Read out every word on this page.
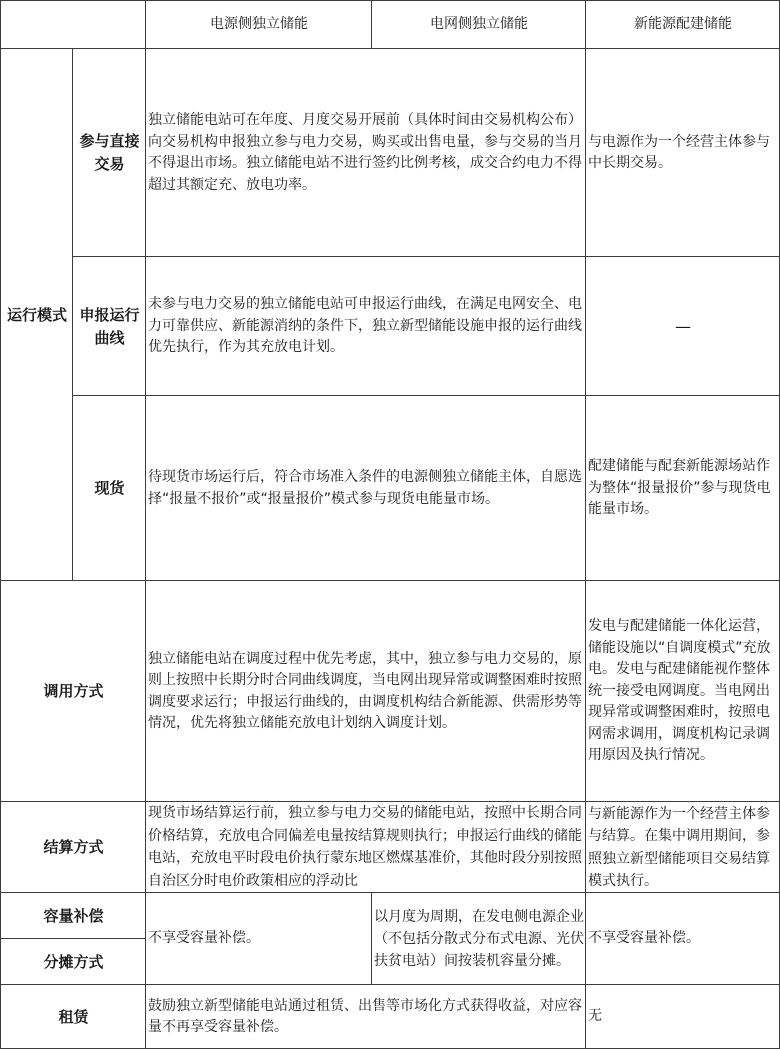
电源侧独立储能	电网侧独立储能	新能源配建储能
运行模式
参与直接交易
独立储能电站可在年度、月度交易开展前（具体时间由交易机构公布）向交易机构申报独立参与电力交易，购买或出售电量，参与交易的当月不得退出市场。独立储能电站不进行签约比例考核，成交合约电力不得超过其额定充、放电功率。
与电源作为一个经营主体参与中长期交易。
申报运行曲线
未参与电力交易的独立储能电站可申报运行曲线，在满足电网安全、电力可靠供应、新能源消纳的条件下，独立新型储能设施申报的运行曲线优先执行，作为其充放电计划。
—
现货
待现货市场运行后，符合市场准入条件的电源侧独立储能主体，自愿选择“报量不报价”或“报量报价”模式参与现货电能量市场。
配建储能与配套新能源场站作为整体“报量报价”参与现货电能量市场。
调用方式
独立储能电站在调度过程中优先考虑，其中，独立参与电力交易的，原则上按照中长期分时合同曲线调度，当电网出现异常或调整困难时按照调度要求运行；申报运行曲线的，由调度机构结合新能源、供需形势等情况，优先将独立储能充放电计划纳入调度计划。
发电与配建储能一体化运营，储能设施以“自调度模式”充放电。发电与配建储能视作整体统一接受电网调度。当电网出现异常或调整困难时，按照电网需求调用，调度机构记录调用原因及执行情况。
结算方式
现货市场结算运行前，独立参与电力交易的储能电站，按照中长期合同价格结算，充放电合同偏差电量按结算规则执行；申报运行曲线的储能电站，充放电平时段电价执行蒙东地区燃煤基准价，其他时段分别按照自治区分时电价政策相应的浮动比
与新能源作为一个经营主体参与结算。在集中调用期间，参照独立新型储能项目交易结算模式执行。
容量补偿
分摊方式
不享受容量补偿。
以月度为周期，在发电侧电源企业（不包括分散式分布式电源、光伏扶贫电站）间按装机容量分摊。
不享受容量补偿。
租赁
鼓励独立新型储能电站通过租赁、出售等市场化方式获得收益，对应容量不再享受容量补偿。
无
